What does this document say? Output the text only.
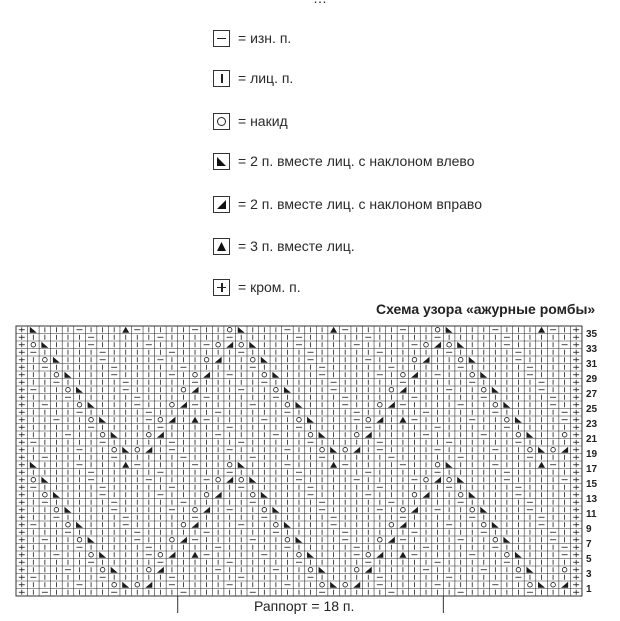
= изн. п.
= лиц. п.
= накид
= 2 п. вместе лиц. с наклоном влево
= 2 п. вместе лиц. с наклоном вправо
= 3 п. вместе лиц.
= кром. п.
Схема узора «ажурные ромбы»
35
33
31
29
27
25
23
21
19
17
15
13
11
9
7
5
3
1
Раппорт = 18 п.
